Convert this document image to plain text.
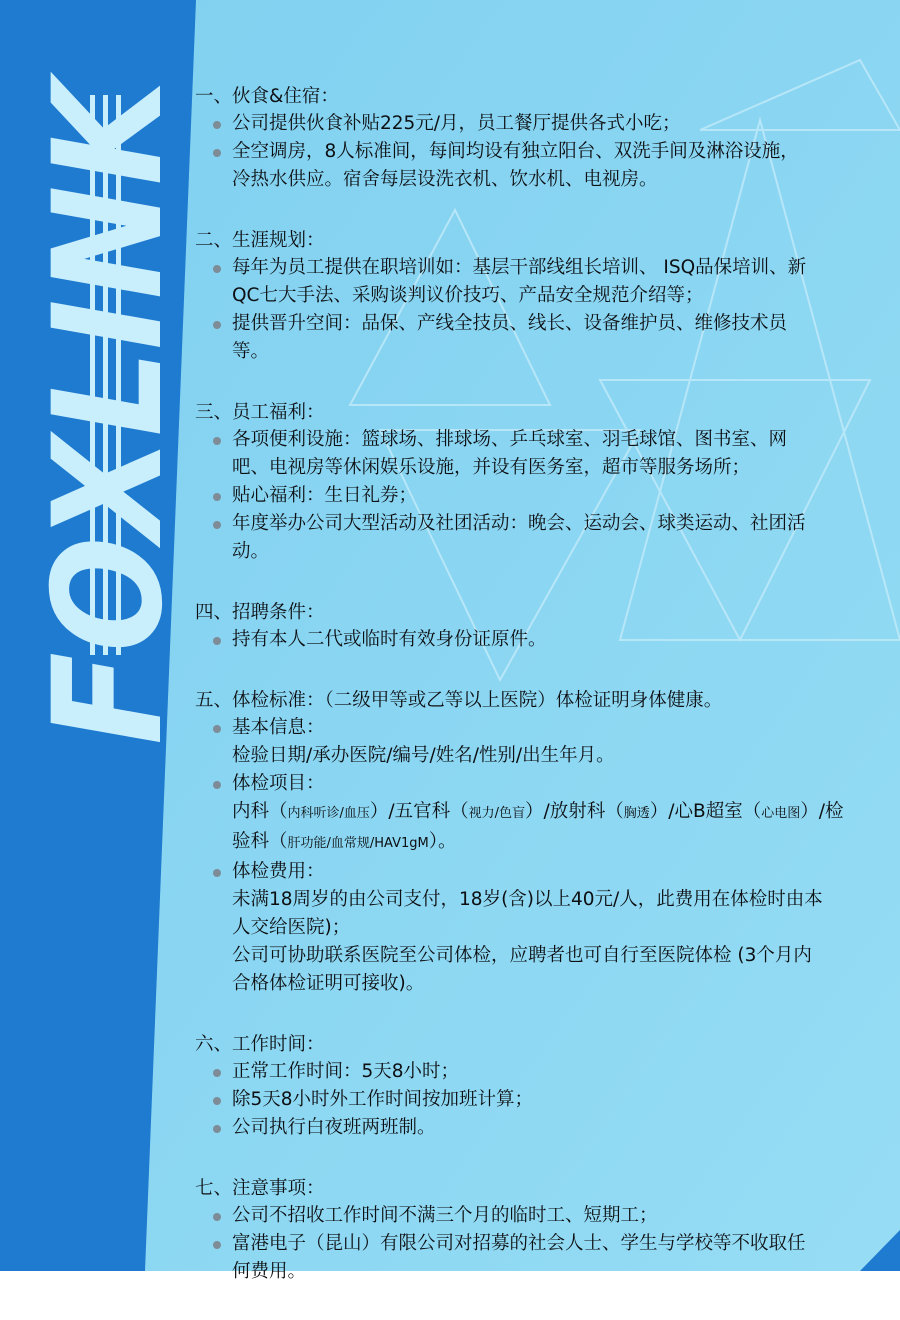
FOXLINK 一、伙食&住宿：
公司提供伙食补贴225元/月，员工餐厅提供各式小吃；
全空调房，8人标准间，每间均设有独立阳台、双洗手间及淋浴设施，
冷热水供应。宿舍每层设洗衣机、饮水机、电视房。
二、生涯规划：
每年为员工提供在职培训如：基层干部线组长培训、 ISQ品保培训、新
QC七大手法、采购谈判议价技巧、产品安全规范介绍等；
提供晋升空间：品保、产线全技员、线长、设备维护员、维修技术员
等。
三、员工福利：
各项便利设施：篮球场、排球场、乒乓球室、羽毛球馆、图书室、网
吧、电视房等休闲娱乐设施，并设有医务室，超市等服务场所；
贴心福利：生日礼券；
年度举办公司大型活动及社团活动：晚会、运动会、球类运动、社团活
动。
四、招聘条件：
持有本人二代或临时有效身份证原件。
五、体检标准：（二级甲等或乙等以上医院）体检证明身体健康。
基本信息：
检验日期/承办医院/编号/姓名/性别/出生年月。
体检项目：
内科（内科听诊/血压）/五官科（视力/色盲）/放射科（胸透）/心B超室（心电图）/检
验科（肝功能/血常规/HAV1gM）。
体检费用：
未满18周岁的由公司支付，18岁(含)以上40元/人，此费用在体检时由本
人交给医院)；
公司可协助联系医院至公司体检，应聘者也可自行至医院体检 (3个月内
合格体检证明可接收)。
六、工作时间：
正常工作时间：5天8小时；
除5天8小时外工作时间按加班计算；
公司执行白夜班两班制。
七、注意事项：
公司不招收工作时间不满三个月的临时工、短期工；
富港电子（昆山）有限公司对招募的社会人士、学生与学校等不收取任
何费用。
